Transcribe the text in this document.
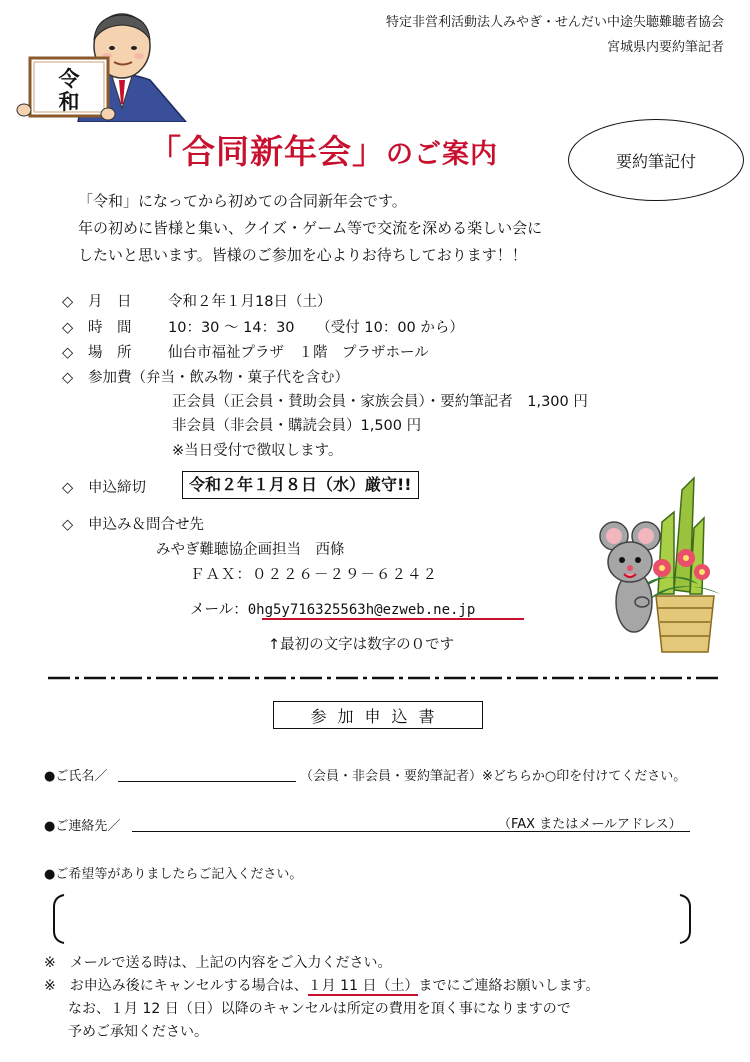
特定非営利活動法人みやぎ・せんだい中途失聴難聴者協会
宮城県内要約筆記者
令
和
「合同新年会」のご案内	要約筆記付
「令和」になってから初めての合同新年会です。
年の初めに皆様と集い、クイズ・ゲーム等で交流を深める楽しい会に
したいと思います。皆様のご参加を心よりお待ちしております！！
◇ 月　日	令和２年１月18日（土）
◇ 時　間	10：30 ～ 14：30　　（受付 10：00 から）
◇ 場　所	仙台市福祉プラザ　１階　プラザホール
◇ 参加費（弁当・飲み物・菓子代を含む）
正会員（正会員・賛助会員・家族会員）・要約筆記者　1,300 円
非会員（非会員・購読会員）1,500 円
※当日受付で徴収します。
◇ 申込締切	令和２年１月８日（水）厳守!!
◇ 申込み＆問合せ先
みやぎ難聴協企画担当　西條
ＦＡＸ：０２２６－２９－６２４２
メール：0hg5y716325563h@ezweb.ne.jp
↑最初の文字は数字の０です
参加申込書
●ご氏名／	（会員・非会員・要約筆記者）※どちらか○印を付けてください。
●ご連絡先／	（FAX またはメールアドレス）
●ご希望等がありましたらご記入ください。
※　メールで送る時は、上記の内容をご入力ください。
※　お申込み後にキャンセルする場合は、１月 11 日（土）までにご連絡お願いします。
なお、１月 12 日（日）以降のキャンセルは所定の費用を頂く事になりますので
予めご承知ください。
